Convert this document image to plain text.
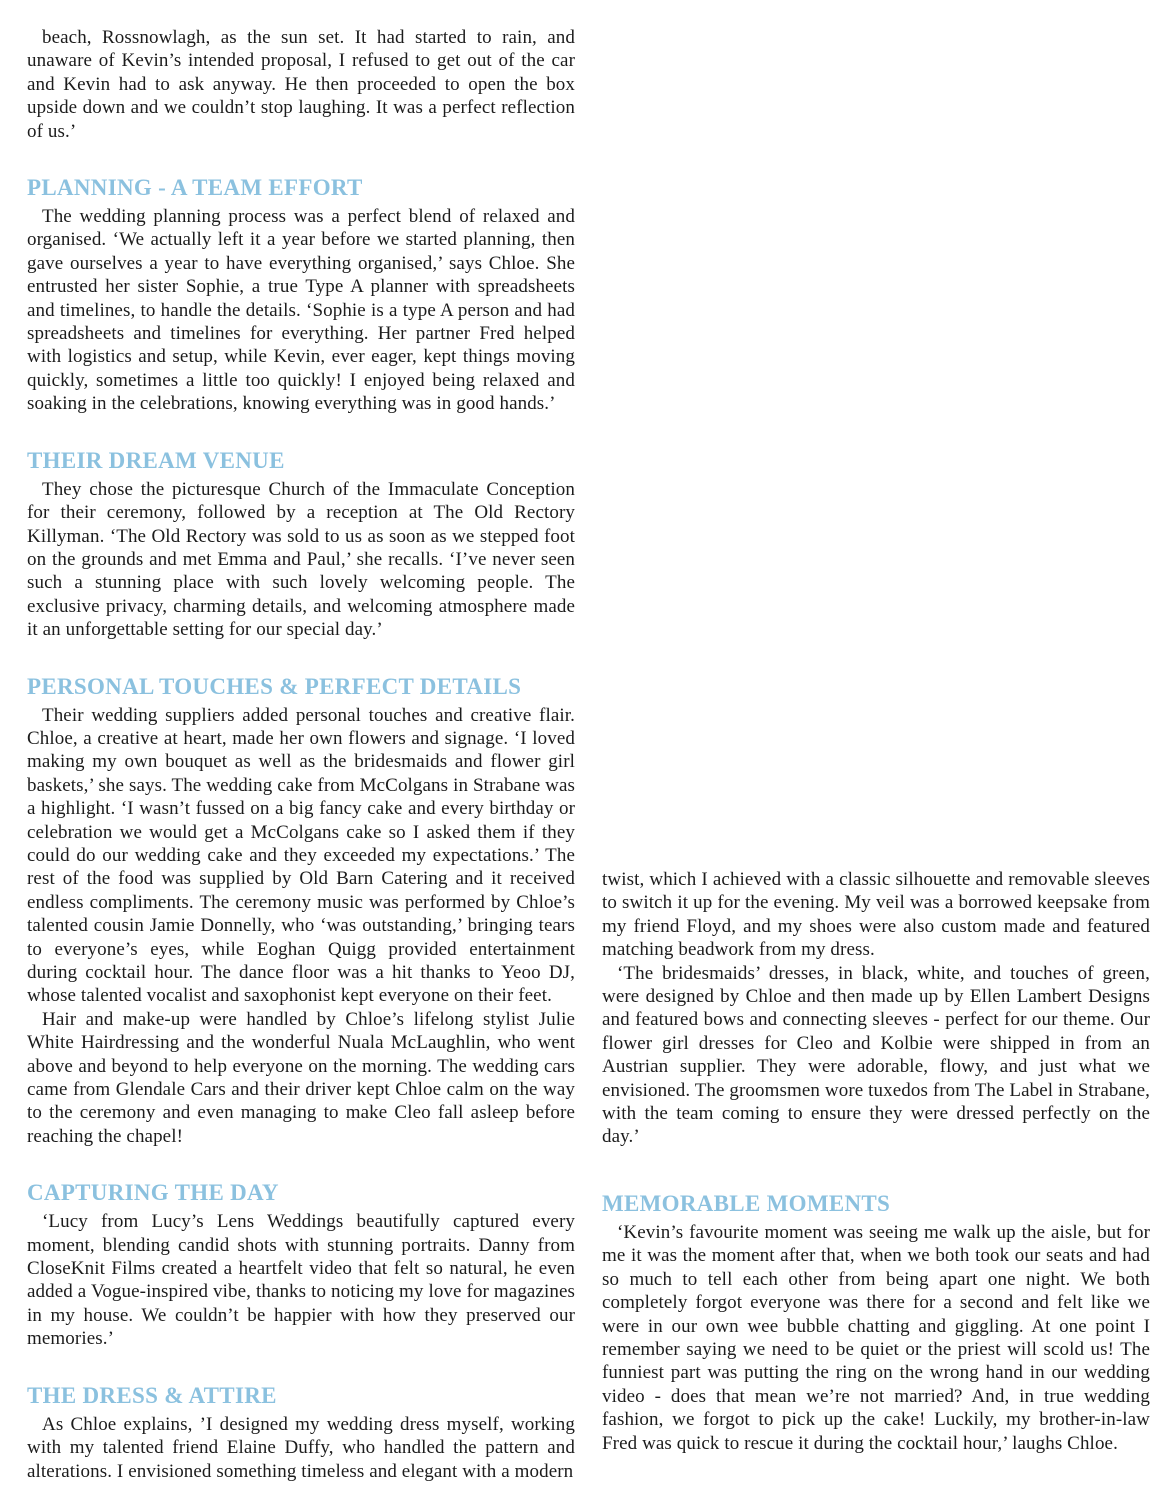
beach, Rossnowlagh, as the sun set. It had started to rain, and unaware of Kevin’s intended proposal, I refused to get out of the car and Kevin had to ask anyway. He then proceeded to open the box upside down and we couldn’t stop laughing. It was a perfect reflection of us.’

PLANNING - A TEAM EFFORT

The wedding planning process was a perfect blend of relaxed and organised. ‘We actually left it a year before we started planning, then gave ourselves a year to have everything organised,’ says Chloe. She entrusted her sister Sophie, a true Type A planner with spreadsheets and timelines, to handle the details. ‘Sophie is a type A person and had spreadsheets and timelines for everything. Her partner Fred helped with logistics and setup, while Kevin, ever eager, kept things moving quickly, sometimes a little too quickly! I enjoyed being relaxed and soaking in the celebrations, knowing everything was in good hands.’

THEIR DREAM VENUE

They chose the picturesque Church of the Immaculate Conception for their ceremony, followed by a reception at The Old Rectory Killyman. ‘The Old Rectory was sold to us as soon as we stepped foot on the grounds and met Emma and Paul,’ she recalls. ‘I’ve never seen such a stunning place with such lovely welcoming people. The exclusive privacy, charming details, and welcoming atmosphere made it an unforgettable setting for our special day.’

PERSONAL TOUCHES & PERFECT DETAILS

Their wedding suppliers added personal touches and creative flair. Chloe, a creative at heart, made her own flowers and signage. ‘I loved making my own bouquet as well as the bridesmaids and flower girl baskets,’ she says. The wedding cake from McColgans in Strabane was a highlight. ‘I wasn’t fussed on a big fancy cake and every birthday or celebration we would get a McColgans cake so I asked them if they could do our wedding cake and they exceeded my expectations.’ The rest of the food was supplied by Old Barn Catering and it received endless compliments. The ceremony music was performed by Chloe’s talented cousin Jamie Donnelly, who ‘was outstanding,’ bringing tears to everyone’s eyes, while Eoghan Quigg provided entertainment during cocktail hour. The dance floor was a hit thanks to Yeoo DJ, whose talented vocalist and saxophonist kept everyone on their feet.

Hair and make-up were handled by Chloe’s lifelong stylist Julie White Hairdressing and the wonderful Nuala McLaughlin, who went above and beyond to help everyone on the morning. The wedding cars came from Glendale Cars and their driver kept Chloe calm on the way to the ceremony and even managing to make Cleo fall asleep before reaching the chapel!

CAPTURING THE DAY

‘Lucy from Lucy’s Lens Weddings beautifully captured every moment, blending candid shots with stunning portraits. Danny from CloseKnit Films created a heartfelt video that felt so natural, he even added a Vogue-inspired vibe, thanks to noticing my love for magazines in my house. We couldn’t be happier with how they preserved our memories.’

THE DRESS & ATTIRE

As Chloe explains, ’I designed my wedding dress myself, working with my talented friend Elaine Duffy, who handled the pattern and alterations. I envisioned something timeless and elegant with a modern

twist, which I achieved with a classic silhouette and removable sleeves to switch it up for the evening. My veil was a borrowed keepsake from my friend Floyd, and my shoes were also custom made and featured matching beadwork from my dress.

‘The bridesmaids’ dresses, in black, white, and touches of green, were designed by Chloe and then made up by Ellen Lambert Designs and featured bows and connecting sleeves - perfect for our theme. Our flower girl dresses for Cleo and Kolbie were shipped in from an Austrian supplier. They were adorable, flowy, and just what we envisioned. The groomsmen wore tuxedos from The Label in Strabane, with the team coming to ensure they were dressed perfectly on the day.’

MEMORABLE MOMENTS

‘Kevin’s favourite moment was seeing me walk up the aisle, but for me it was the moment after that, when we both took our seats and had so much to tell each other from being apart one night. We both completely forgot everyone was there for a second and felt like we were in our own wee bubble chatting and giggling. At one point I remember saying we need to be quiet or the priest will scold us! The funniest part was putting the ring on the wrong hand in our wedding video - does that mean we’re not married? And, in true wedding fashion, we forgot to pick up the cake! Luckily, my brother-in-law Fred was quick to rescue it during the cocktail hour,’ laughs Chloe.
